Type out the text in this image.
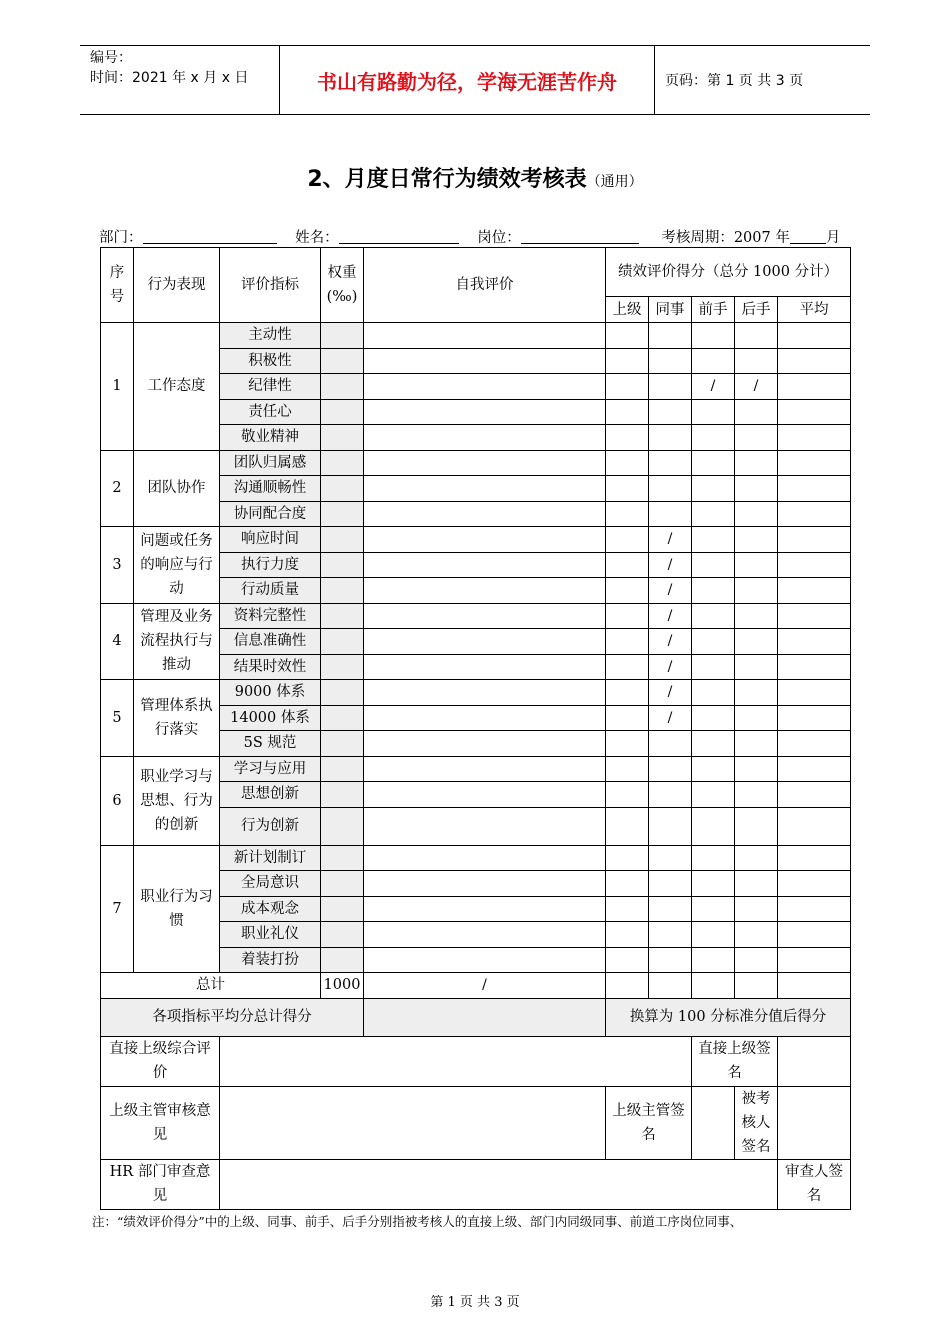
编号：
时间：2021 年 x 月 x 日	书山有路勤为径，学海无涯苦作舟	页码：第 1 页 共 3 页
2、月度日常行为绩效考核表（通用）
部门：	姓名：	岗位：	考核周期：2007 年 月
序号	行为表现	评价指标	权重(‰)	自我评价	绩效评价得分（总分 1000 分计）				
					上级	同事	前手	后手	平均
1	工作态度	主动性							
		积极性							
		纪律性					/	/	
		责任心							
		敬业精神							
2	团队协作	团队归属感							
		沟通顺畅性							
		协同配合度							
3	问题或任务的响应与行动	响应时间				/			
		执行力度				/			
		行动质量				/			
4	管理及业务流程执行与推动	资料完整性				/			
		信息准确性				/			
		结果时效性				/			
5	管理体系执行落实	9000 体系				/			
		14000 体系				/			
		5S 规范							
6	职业学习与思想、行为的创新	学习与应用							
		思想创新							
		行为创新							
7	职业行为习惯	新计划制订							
		全局意识							
		成本观念							
		职业礼仪							
		着装打扮							
总计			1000	/					
各项指标平均分总计得分					换算为 100 分标准分值后得分				
直接上级综合评价							直接上级签名		
上级主管审核意见					上级主管签名			被考核人签名	
HR 部门审查意见									审查人签名
注：“绩效评价得分”中的上级、同事、前手、后手分别指被考核人的直接上级、部门内同级同事、前道工序岗位同事、
第 1 页 共 3 页
